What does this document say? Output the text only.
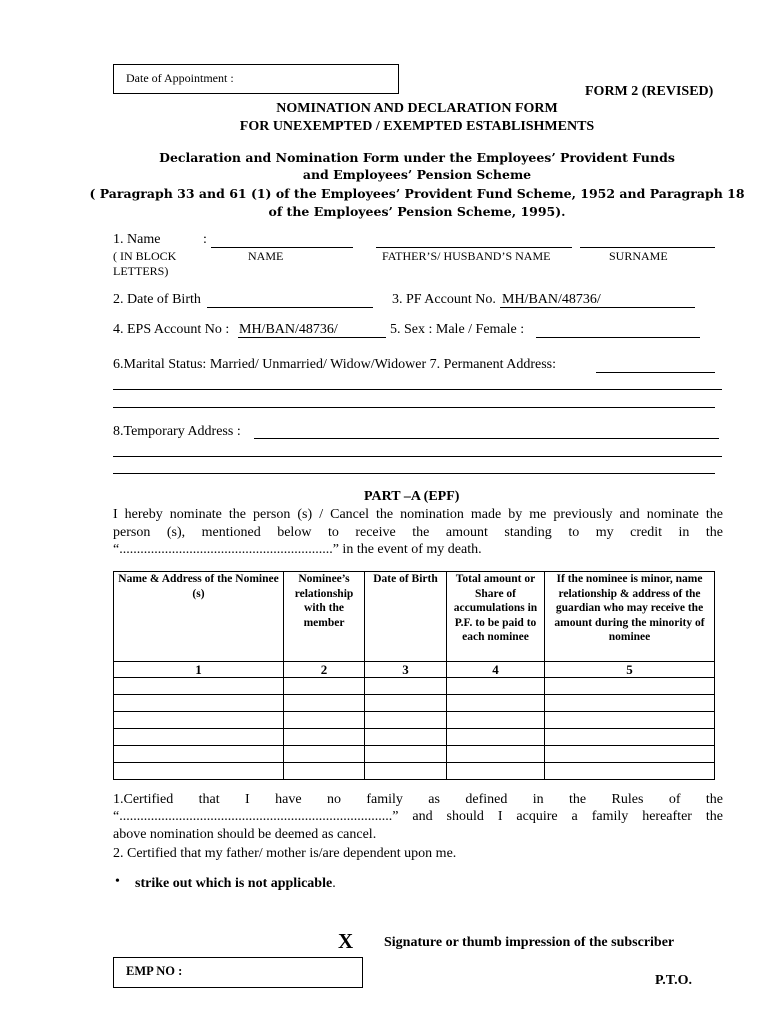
Date of Appointment :
FORM 2 (REVISED)
NOMINATION AND DECLARATION FORM
FOR UNEXEMPTED / EXEMPTED ESTABLISHMENTS
Declaration and Nomination Form under the Employees’ Provident Funds
and Employees’ Pension Scheme
( Paragraph 33 and 61 (1) of the Employees’ Provident Fund Scheme, 1952 and Paragraph 18
of the Employees’ Pension Scheme, 1995).
1. Name	:
( IN BLOCK
LETTERS)
NAME	FATHER’S/ HUSBAND’S NAME	SURNAME
2. Date of Birth	3. PF Account No. MH/BAN/48736/
4. EPS Account No : MH/BAN/48736/	5. Sex : Male / Female :
6.Marital Status: Married/ Unmarried/ Widow/Widower 7. Permanent Address:
8.Temporary Address :
PART –A (EPF)
I hereby nominate the person (s) / Cancel the nomination made by me previously and nominate the
person (s), mentioned below to receive the amount standing to my credit in the
“.............................................................” in the event of my death.
Name & Address of the Nominee (s)	Nominee’s relationship with the member	Date of Birth	Total amount or Share of accumulations in P.F. to be paid to each nominee	If the nominee is minor, name relationship & address of the guardian who may receive the amount during the minority of nominee
1	2	3	4	5

1.Certified that I have no family as defined in the Rules of the
“..............................................................................” and should I acquire a family hereafter the
above nomination should be deemed as cancel.
2. Certified that my father/ mother is/are dependent upon me.
• strike out which is not applicable.
X Signature or thumb impression of the subscriber
EMP NO :
P.T.O.
